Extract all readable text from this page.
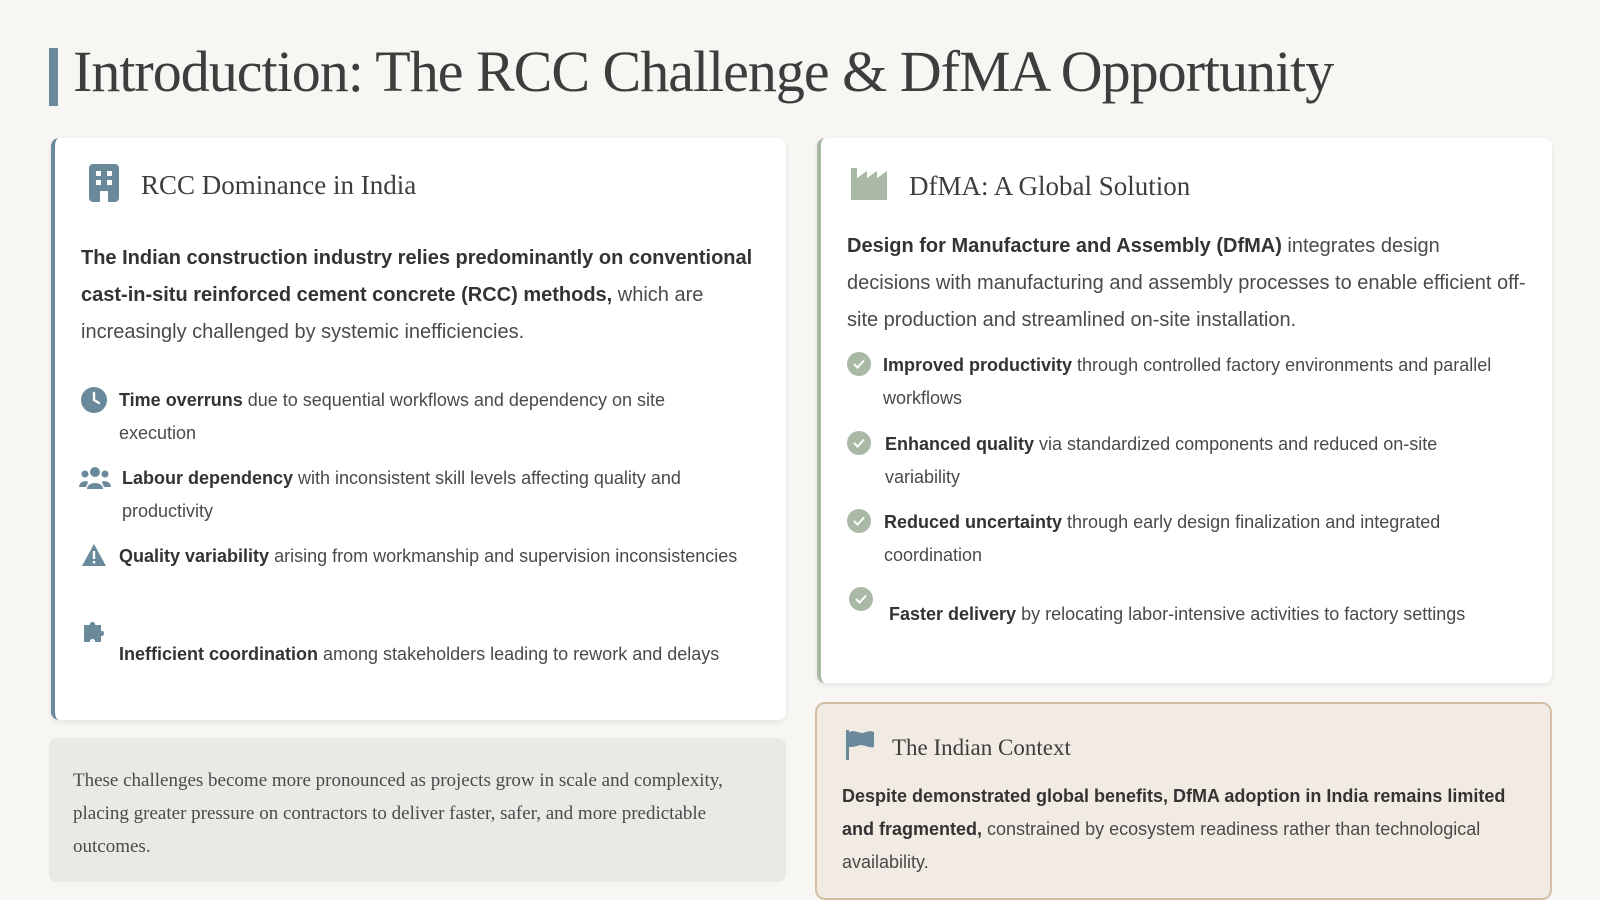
Introduction: The RCC Challenge & DfMA Opportunity
RCC Dominance in India
The Indian construction industry relies predominantly on conventional cast-in-situ reinforced cement concrete (RCC) methods, which are increasingly challenged by systemic inefficiencies.
Time overruns due to sequential workflows and dependency on site execution
Labour dependency with inconsistent skill levels affecting quality and productivity
Quality variability arising from workmanship and supervision inconsistencies
Inefficient coordination among stakeholders leading to rework and delays
DfMA: A Global Solution
Design for Manufacture and Assembly (DfMA) integrates design decisions with manufacturing and assembly processes to enable efficient off-site production and streamlined on-site installation.
Improved productivity through controlled factory environments and parallel workflows
Enhanced quality via standardized components and reduced on-site variability
Reduced uncertainty through early design finalization and integrated coordination
Faster delivery by relocating labor-intensive activities to factory settings
These challenges become more pronounced as projects grow in scale and complexity, placing greater pressure on contractors to deliver faster, safer, and more predictable outcomes.
The Indian Context
Despite demonstrated global benefits, DfMA adoption in India remains limited and fragmented, constrained by ecosystem readiness rather than technological availability.
